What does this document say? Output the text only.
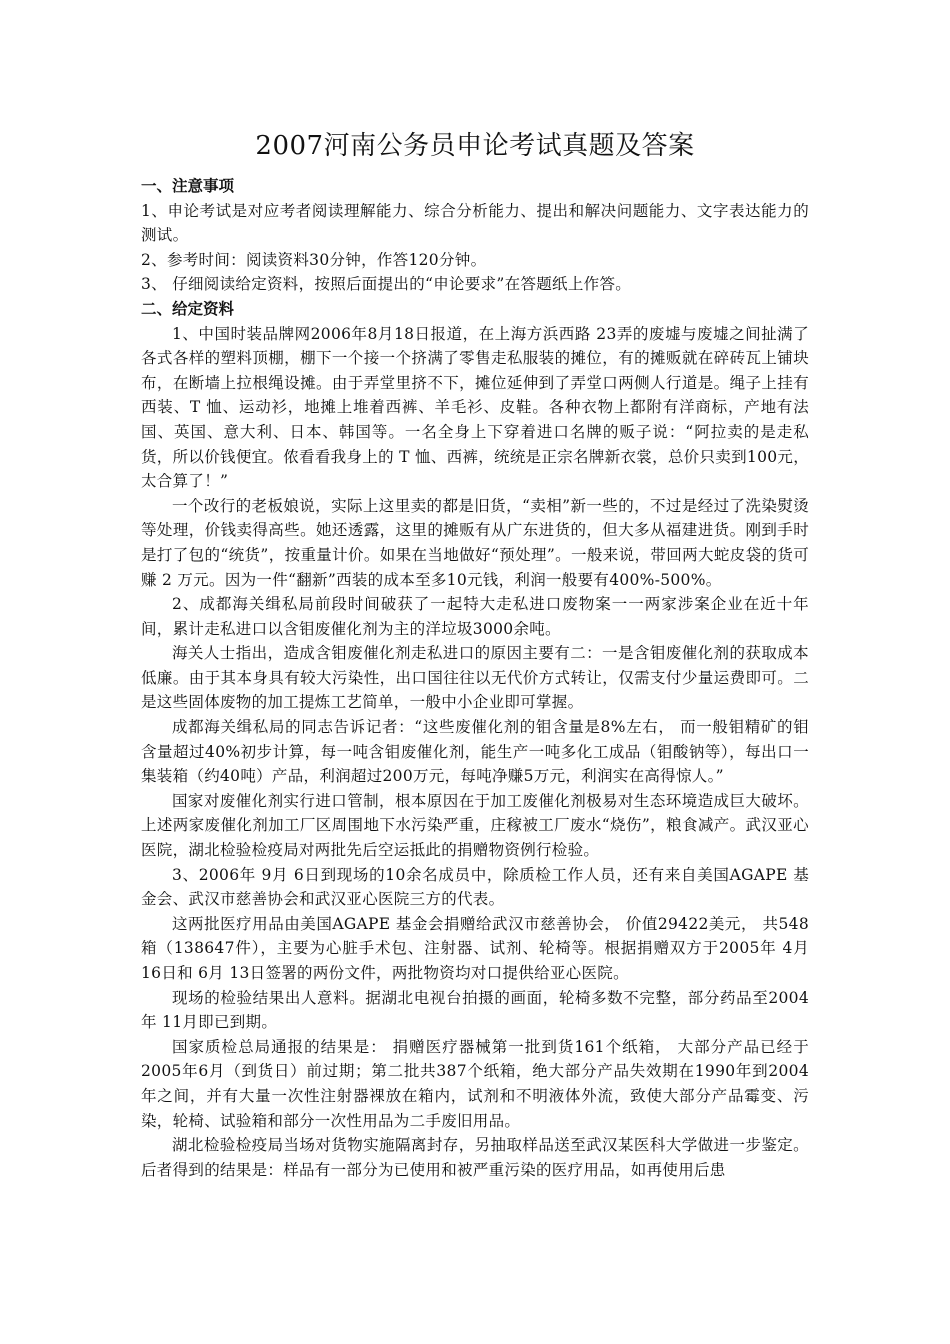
2007河南公务员申论考试真题及答案

一、注意事项

1、申论考试是对应考者阅读理解能力、综合分析能力、提出和解决问题能力、文字表达能力的测试。

2、参考时间：阅读资料30分钟，作答120分钟。

3、 仔细阅读给定资料，按照后面提出的“申论要求”在答题纸上作答。

二、给定资料

1、中国时装品牌网2006年8月18日报道，在上海方浜西路 23弄的废墟与废墟之间扯满了各式各样的塑料顶棚，棚下一个接一个挤满了零售走私服装的摊位，有的摊贩就在碎砖瓦上铺块布，在断墙上拉根绳设摊。由于弄堂里挤不下，摊位延伸到了弄堂口两侧人行道是。绳子上挂有西装、T 恤、运动衫，地摊上堆着西裤、羊毛衫、皮鞋。各种衣物上都附有洋商标，产地有法国、英国、意大利、日本、韩国等。一名全身上下穿着进口名牌的贩子说：“阿拉卖的是走私货，所以价钱便宜。侬看看我身上的 T 恤、西裤，统统是正宗名牌新衣裳，总价只卖到100元，太合算了！”

一个改行的老板娘说，实际上这里卖的都是旧货，“卖相”新一些的，不过是经过了洗染熨烫等处理，价钱卖得高些。她还透露，这里的摊贩有从广东进货的，但大多从福建进货。刚到手时是打了包的“统货”，按重量计价。如果在当地做好“预处理”。一般来说，带回两大蛇皮袋的货可赚 2 万元。因为一件“翻新”西装的成本至多10元钱，利润一般要有400%-500%。

2、成都海关缉私局前段时间破获了一起特大走私进口废物案一一两家涉案企业在近十年间，累计走私进口以含钼废催化剂为主的洋垃圾3000余吨。

海关人士指出，造成含钼废催化剂走私进口的原因主要有二：一是含钼废催化剂的获取成本低廉。由于其本身具有较大污染性，出口国往往以无代价方式转让，仅需支付少量运费即可。二是这些固体废物的加工提炼工艺简单，一般中小企业即可掌握。

成都海关缉私局的同志告诉记者：“这些废催化剂的钼含量是8%左右， 而一般钼精矿的钼含量超过40%初步计算，每一吨含钼废催化剂，能生产一吨多化工成品（钼酸钠等），每出口一集装箱（约40吨）产品，利润超过200万元，每吨净赚5万元，利润实在高得惊人。”

国家对废催化剂实行进口管制，根本原因在于加工废催化剂极易对生态环境造成巨大破坏。上述两家废催化剂加工厂区周围地下水污染严重，庄稼被工厂废水“烧伤”，粮食减产。武汉亚心医院，湖北检验检疫局对两批先后空运抵此的捐赠物资例行检验。

3、2006年 9月 6日到现场的10余名成员中，除质检工作人员，还有来自美国AGAPE 基金会、武汉市慈善协会和武汉亚心医院三方的代表。

这两批医疗用品由美国AGAPE 基金会捐赠给武汉市慈善协会， 价值29422美元， 共548箱（138647件），主要为心脏手术包、注射器、试剂、轮椅等。根据捐赠双方于2005年 4月 16日和 6月 13日签署的两份文件，两批物资均对口提供给亚心医院。

现场的检验结果出人意料。据湖北电视台拍摄的画面，轮椅多数不完整，部分药品至2004年 11月即已到期。

国家质检总局通报的结果是： 捐赠医疗器械第一批到货161个纸箱， 大部分产品已经于2005年6月（到货日）前过期；第二批共387个纸箱，绝大部分产品失效期在1990年到2004年之间，并有大量一次性注射器裸放在箱内，试剂和不明液体外流，致使大部分产品霉变、污染，轮椅、试验箱和部分一次性用品为二手废旧用品。

湖北检验检疫局当场对货物实施隔离封存，另抽取样品送至武汉某医科大学做进一步鉴定。后者得到的结果是：样品有一部分为已使用和被严重污染的医疗用品，如再使用后患
